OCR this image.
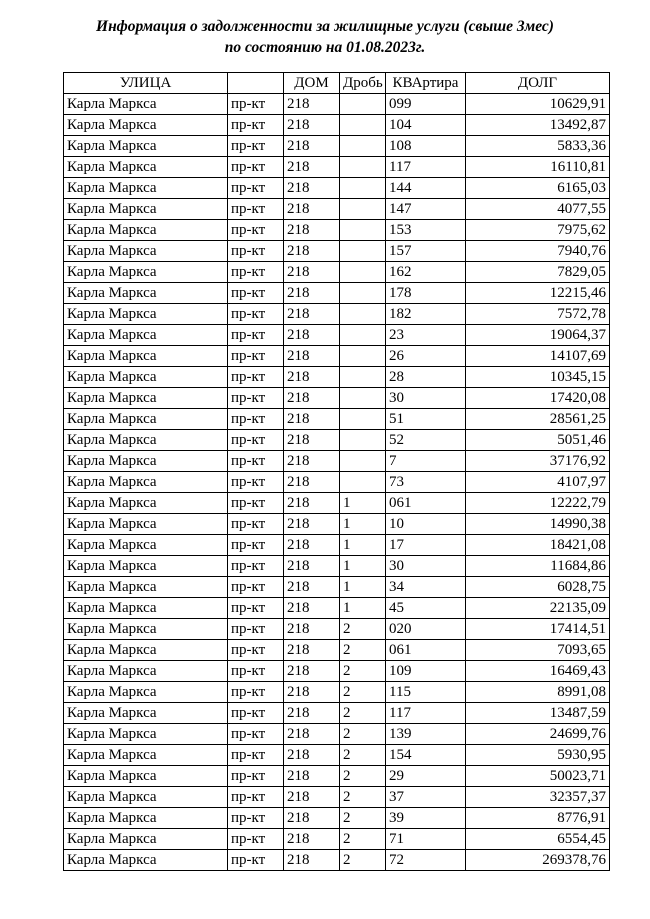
Информация о задолженности за жилищные услуги (свыше 3мес)
по состоянию на 01.08.2023г.
УЛИЦА		ДОМ	Дробь	КВАртира	ДОЛГ
Карла Маркса	пр-кт	218		099	10629,91
Карла Маркса	пр-кт	218		104	13492,87
Карла Маркса	пр-кт	218		108	5833,36
Карла Маркса	пр-кт	218		117	16110,81
Карла Маркса	пр-кт	218		144	6165,03
Карла Маркса	пр-кт	218		147	4077,55
Карла Маркса	пр-кт	218		153	7975,62
Карла Маркса	пр-кт	218		157	7940,76
Карла Маркса	пр-кт	218		162	7829,05
Карла Маркса	пр-кт	218		178	12215,46
Карла Маркса	пр-кт	218		182	7572,78
Карла Маркса	пр-кт	218		23	19064,37
Карла Маркса	пр-кт	218		26	14107,69
Карла Маркса	пр-кт	218		28	10345,15
Карла Маркса	пр-кт	218		30	17420,08
Карла Маркса	пр-кт	218		51	28561,25
Карла Маркса	пр-кт	218		52	5051,46
Карла Маркса	пр-кт	218		7	37176,92
Карла Маркса	пр-кт	218		73	4107,97
Карла Маркса	пр-кт	218	1	061	12222,79
Карла Маркса	пр-кт	218	1	10	14990,38
Карла Маркса	пр-кт	218	1	17	18421,08
Карла Маркса	пр-кт	218	1	30	11684,86
Карла Маркса	пр-кт	218	1	34	6028,75
Карла Маркса	пр-кт	218	1	45	22135,09
Карла Маркса	пр-кт	218	2	020	17414,51
Карла Маркса	пр-кт	218	2	061	7093,65
Карла Маркса	пр-кт	218	2	109	16469,43
Карла Маркса	пр-кт	218	2	115	8991,08
Карла Маркса	пр-кт	218	2	117	13487,59
Карла Маркса	пр-кт	218	2	139	24699,76
Карла Маркса	пр-кт	218	2	154	5930,95
Карла Маркса	пр-кт	218	2	29	50023,71
Карла Маркса	пр-кт	218	2	37	32357,37
Карла Маркса	пр-кт	218	2	39	8776,91
Карла Маркса	пр-кт	218	2	71	6554,45
Карла Маркса	пр-кт	218	2	72	269378,76
